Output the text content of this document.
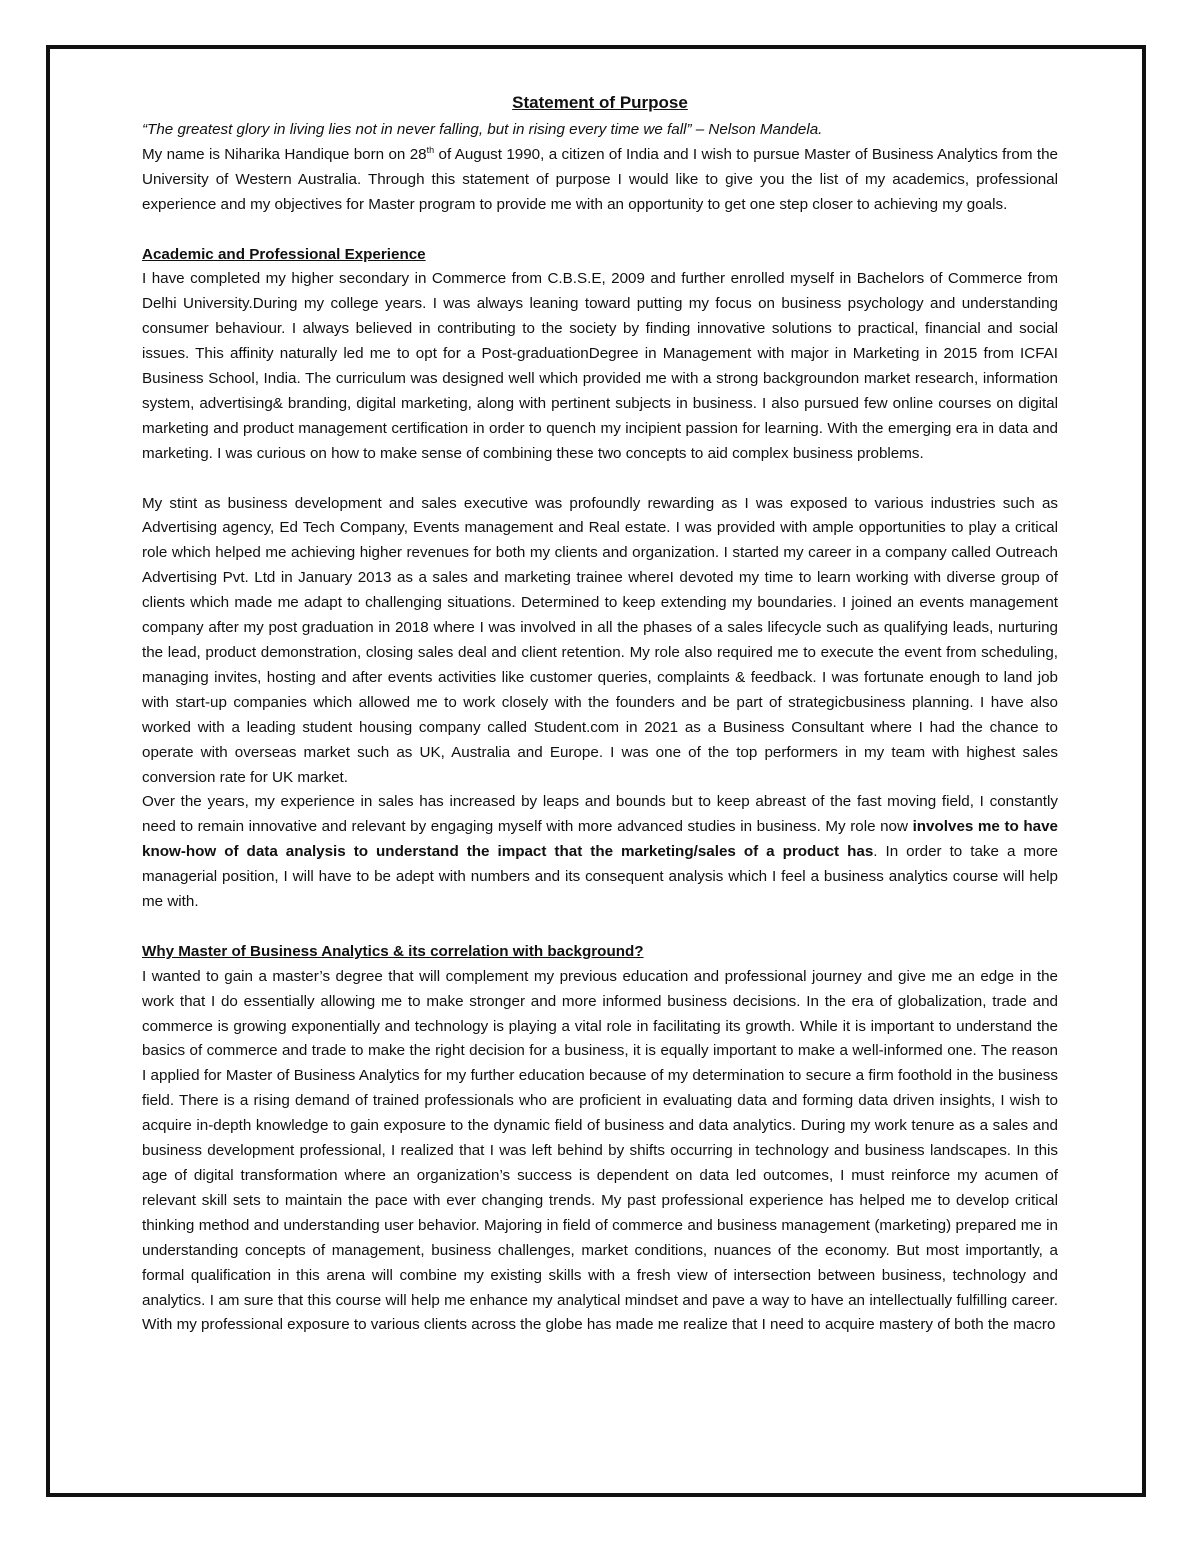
Statement of Purpose

“The greatest glory in living lies not in never falling, but in rising every time we fall” – Nelson Mandela.

My name is Niharika Handique born on 28th of August 1990, a citizen of India and I wish to pursue Master of Business Analytics from the University of Western Australia. Through this statement of purpose I would like to give you the list of my academics, professional experience and my objectives for Master program to provide me with an opportunity to get one step closer to achieving my goals.

Academic and Professional Experience

I have completed my higher secondary in Commerce from C.B.S.E, 2009 and further enrolled myself in Bachelors of Commerce from Delhi University.During my college years. I was always leaning toward putting my focus on business psychology and understanding consumer behaviour. I always believed in contributing to the society by finding innovative solutions to practical, financial and social issues. This affinity naturally led me to opt for a Post-graduationDegree in Management with major in Marketing in 2015 from ICFAI Business School, India. The curriculum was designed well which provided me with a strong backgroundon market research, information system, advertising& branding, digital marketing, along with pertinent subjects in business. I also pursued few online courses on digital marketing and product management certification in order to quench my incipient passion for learning. With the emerging era in data and marketing. I was curious on how to make sense of combining these two concepts to aid complex business problems.

My stint as business development and sales executive was profoundly rewarding as I was exposed to various industries such as Advertising agency, Ed Tech Company, Events management and Real estate. I was provided with ample opportunities to play a critical role which helped me achieving higher revenues for both my clients and organization. I started my career in a company called Outreach Advertising Pvt. Ltd in January 2013 as a sales and marketing trainee whereI devoted my time to learn working with diverse group of clients which made me adapt to challenging situations. Determined to keep extending my boundaries. I joined an events management company after my post graduation in 2018 where I was involved in all the phases of a sales lifecycle such as qualifying leads, nurturing the lead, product demonstration, closing sales deal and client retention. My role also required me to execute the event from scheduling, managing invites, hosting and after events activities like customer queries, complaints & feedback. I was fortunate enough to land job with start-up companies which allowed me to work closely with the founders and be part of strategicbusiness planning. I have also worked with a leading student housing company called Student.com in 2021 as a Business Consultant where I had the chance to operate with overseas market such as UK, Australia and Europe. I was one of the top performers in my team with highest sales conversion rate for UK market.

Over the years, my experience in sales has increased by leaps and bounds but to keep abreast of the fast moving field, I constantly need to remain innovative and relevant by engaging myself with more advanced studies in business. My role now involves me to have know-how of data analysis to understand the impact that the marketing/sales of a product has. In order to take a more managerial position, I will have to be adept with numbers and its consequent analysis which I feel a business analytics course will help me with.

Why Master of Business Analytics & its correlation with background?

I wanted to gain a master’s degree that will complement my previous education and professional journey and give me an edge in the work that I do essentially allowing me to make stronger and more informed business decisions. In the era of globalization, trade and commerce is growing exponentially and technology is playing a vital role in facilitating its growth. While it is important to understand the basics of commerce and trade to make the right decision for a business, it is equally important to make a well-informed one. The reason I applied for Master of Business Analytics for my further education because of my determination to secure a firm foothold in the business field. There is a rising demand of trained professionals who are proficient in evaluating data and forming data driven insights, I wish to acquire in-depth knowledge to gain exposure to the dynamic field of business and data analytics. During my work tenure as a sales and business development professional, I realized that I was left behind by shifts occurring in technology and business landscapes. In this age of digital transformation where an organization’s success is dependent on data led outcomes, I must reinforce my acumen of relevant skill sets to maintain the pace with ever changing trends. My past professional experience has helped me to develop critical thinking method and understanding user behavior. Majoring in field of commerce and business management (marketing) prepared me in understanding concepts of management, business challenges, market conditions, nuances of the economy. But most importantly, a formal qualification in this arena will combine my existing skills with a fresh view of intersection between business, technology and analytics. I am sure that this course will help me enhance my analytical mindset and pave a way to have an intellectually fulfilling career. With my professional exposure to various clients across the globe has made me realize that I need to acquire mastery of both the macro
